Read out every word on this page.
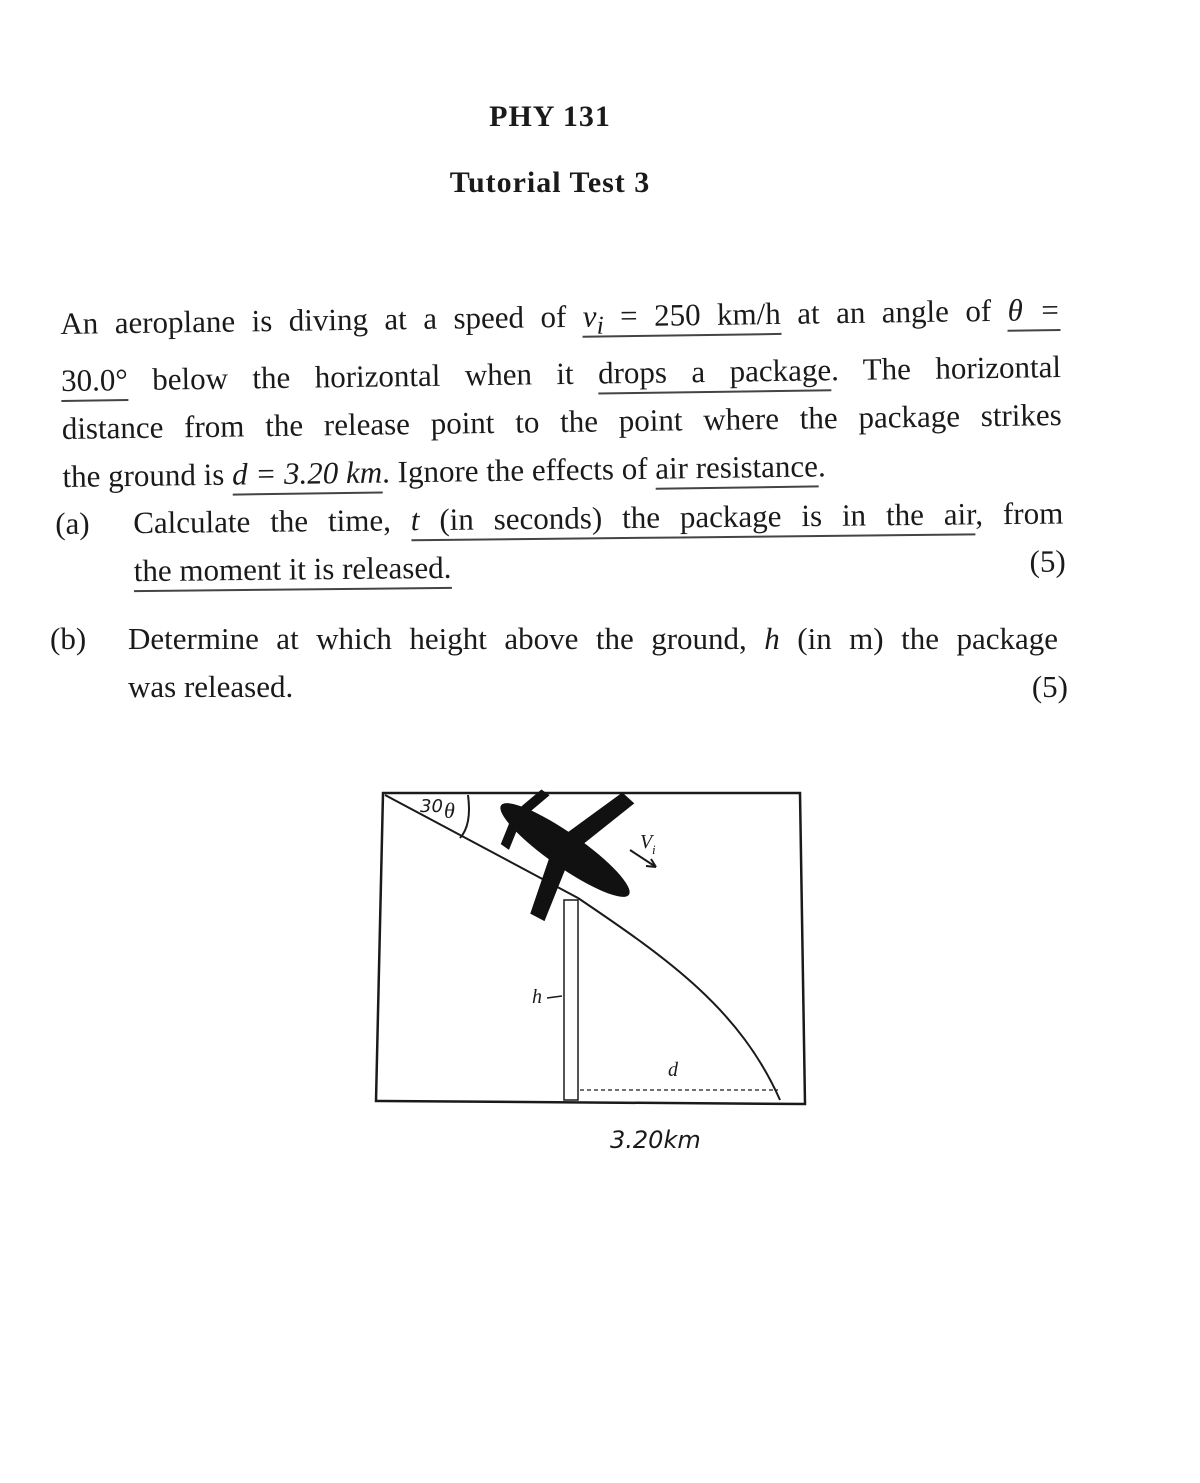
PHY 131
Tutorial Test 3
An aeroplane is diving at a speed of $v_i = 250$ km/h at an angle of θ =
30.0° below the horizontal when it drops a package. The horizontal
distance from the release point to the point where the package strikes
the ground is d = 3.20 km. Ignore the effects of air resistance.
(a) Calculate the time, t (in seconds) the package is in the air, from
the moment it is released.	(5)
(b) Determine at which height above the ground, h (in m) the package
was released.	(5)
30 θ
V i
h
d
3.20km
